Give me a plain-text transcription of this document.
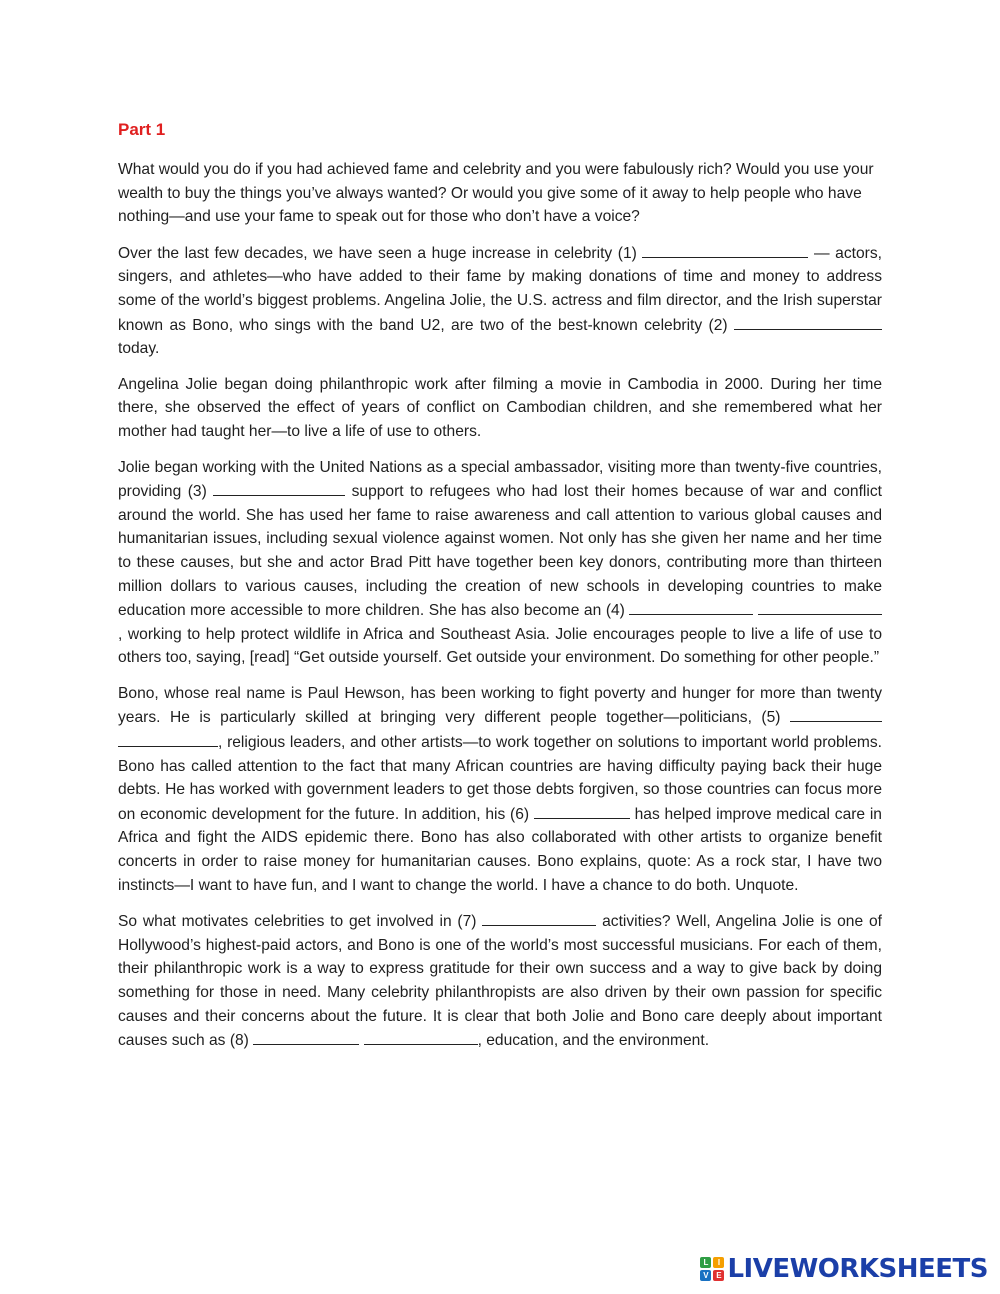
Part 1

What would you do if you had achieved fame and celebrity and you were fabulously rich? Would you use your wealth to buy the things you’ve always wanted? Or would you give some of it away to help people who have nothing—and use your fame to speak out for those who don’t have a voice?

Over the last few decades, we have seen a huge increase in celebrity (1)	— actors, singers, and athletes—who have added to their fame by making donations of time and money to address some of the world’s biggest problems. Angelina Jolie, the U.S. actress and film director, and the Irish superstar known as Bono, who sings with the band U2, are two of the best-known celebrity (2)  today.

Angelina Jolie began doing philanthropic work after filming a movie in Cambodia in 2000. During her time there, she observed the effect of years of conflict on Cambodian children, and she remembered what her mother had taught her—to live a life of use to others.

Jolie began working with the United Nations as a special ambassador, visiting more than twenty-five countries, providing (3)	support to refugees who had lost their homes because of war and conflict around the world. She has used her fame to raise awareness and call attention to various global causes and humanitarian issues, including sexual violence against women. Not only has she given her name and her time to these causes, but she and actor Brad Pitt have together been key donors, contributing more than thirteen million dollars to various causes, including the creation of new schools in developing countries to make education more accessible to more children. She has also become an (4)  , working to help protect wildlife in Africa and Southeast Asia. Jolie encourages people to live a life of use to others too, saying, [read] “Get outside yourself. Get outside your environment. Do something for other people.”

Bono, whose real name is Paul Hewson, has been working to fight poverty and hunger for more than twenty years. He is particularly skilled at bringing very different people together—politicians, (5)  , religious leaders, and other artists—to work together on solutions to important world problems. Bono has called attention to the fact that many African countries are having difficulty paying back their huge debts. He has worked with government leaders to get those debts forgiven, so those countries can focus more on economic development for the future. In addition, his (6)	has helped improve medical care in Africa and fight the AIDS epidemic there. Bono has also collaborated with other artists to organize benefit concerts in order to raise money for humanitarian causes. Bono explains, quote: As a rock star, I have two instincts—I want to have fun, and I want to change the world. I have a chance to do both. Unquote.

So what motivates celebrities to get involved in (7)	activities? Well, Angelina Jolie is one of Hollywood’s highest-paid actors, and Bono is one of the world’s most successful musicians. For each of them, their philanthropic work is a way to express gratitude for their own success and a way to give back by doing something for those in need. Many celebrity philanthropists are also driven by their own passion for specific causes and their concerns about the future. It is clear that both Jolie and Bono care deeply about important causes such as (8)	, education, and the environment.

L	I
V E LIVEWORKSHEETS
